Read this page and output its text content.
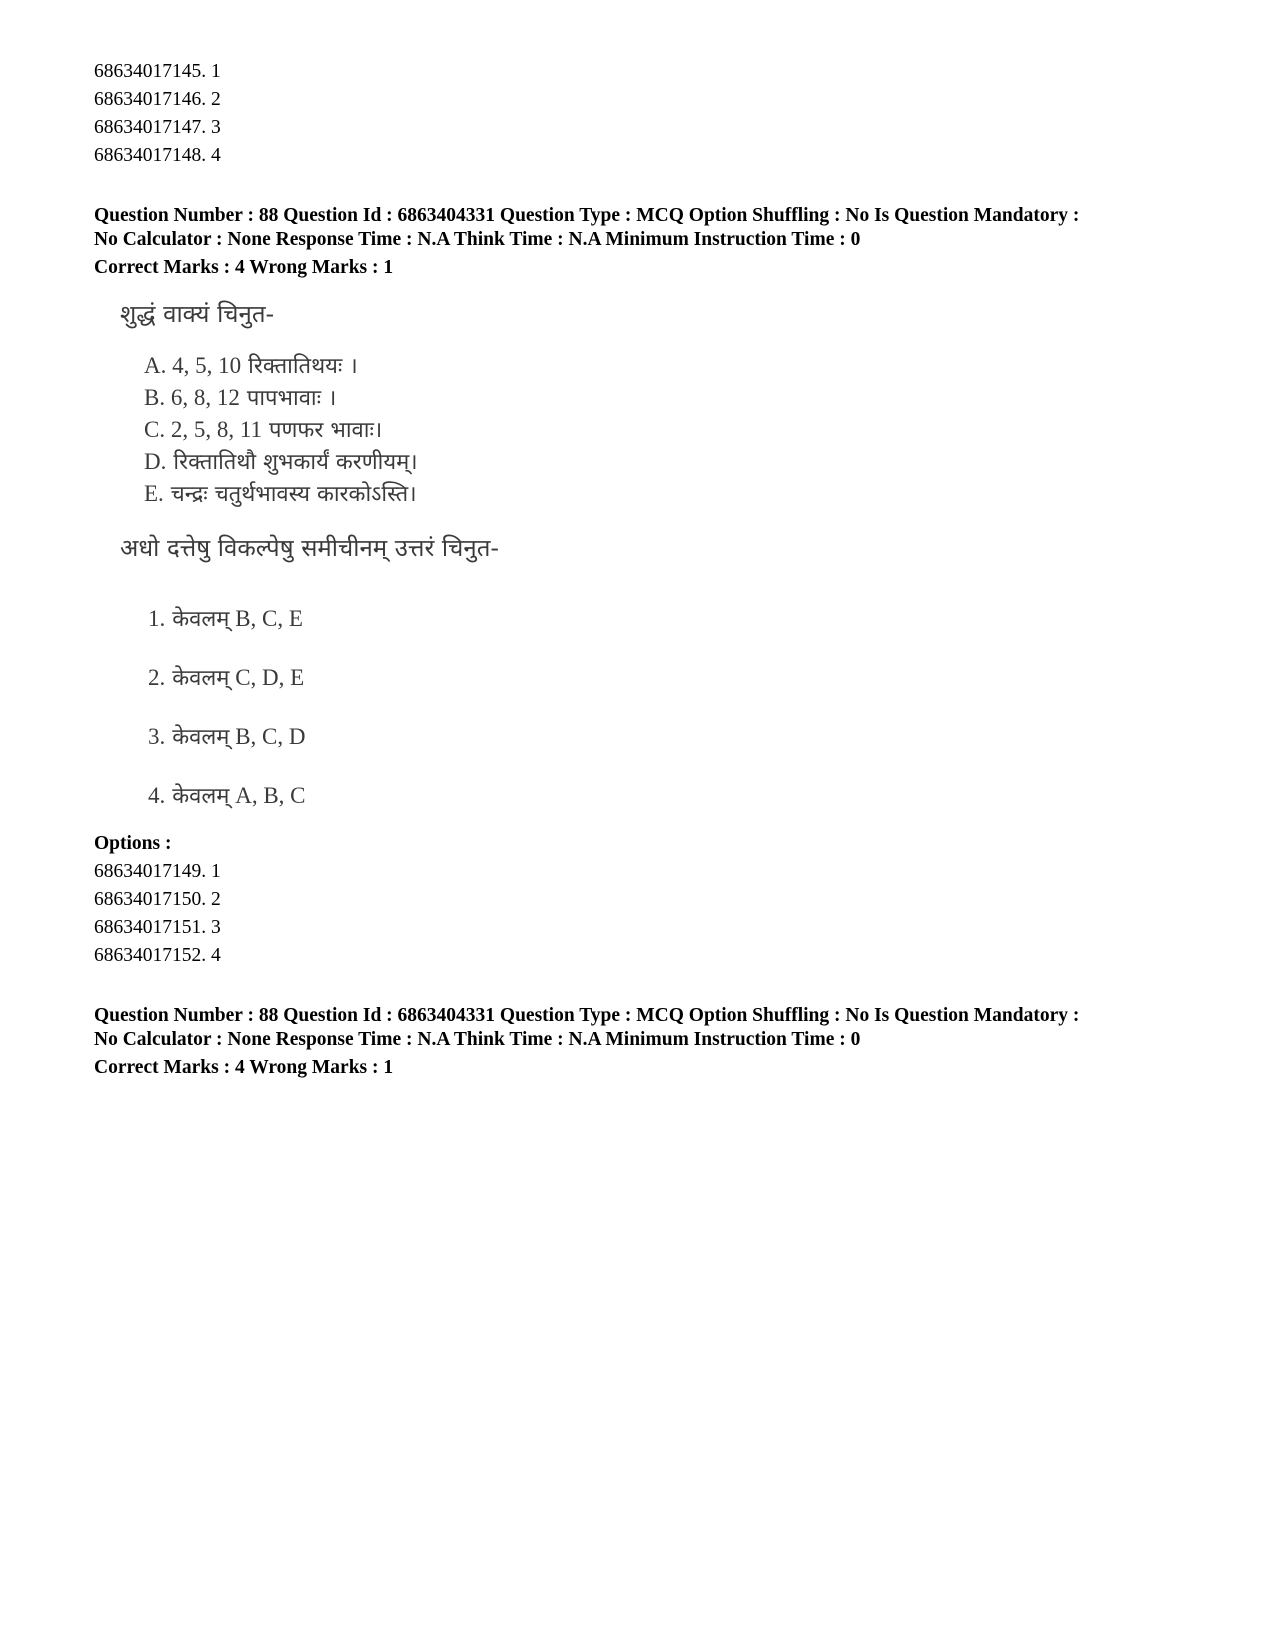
68634017145. 1
68634017146. 2
68634017147. 3
68634017148. 4
Question Number : 88 Question Id : 6863404331 Question Type : MCQ Option Shuffling : No Is Question Mandatory :
No Calculator : None Response Time : N.A Think Time : N.A Minimum Instruction Time : 0
Correct Marks : 4 Wrong Marks : 1
शुद्धं वाक्यं चिनुत-
A. 4, 5, 10 रिक्तातिथयः ।
B. 6, 8, 12 पापभावाः ।
C. 2, 5, 8, 11 पणफर भावाः।
D. रिक्तातिथौ शुभकार्यं करणीयम्।
E. चन्द्रः चतुर्थभावस्य कारकोऽस्ति।
अधो दत्तेषु विकल्पेषु समीचीनम् उत्तरं चिनुत-
1. केवलम् B, C, E
2. केवलम् C, D, E
3. केवलम् B, C, D
4. केवलम् A, B, C
Options :
68634017149. 1
68634017150. 2
68634017151. 3
68634017152. 4
Question Number : 88 Question Id : 6863404331 Question Type : MCQ Option Shuffling : No Is Question Mandatory :
No Calculator : None Response Time : N.A Think Time : N.A Minimum Instruction Time : 0
Correct Marks : 4 Wrong Marks : 1
